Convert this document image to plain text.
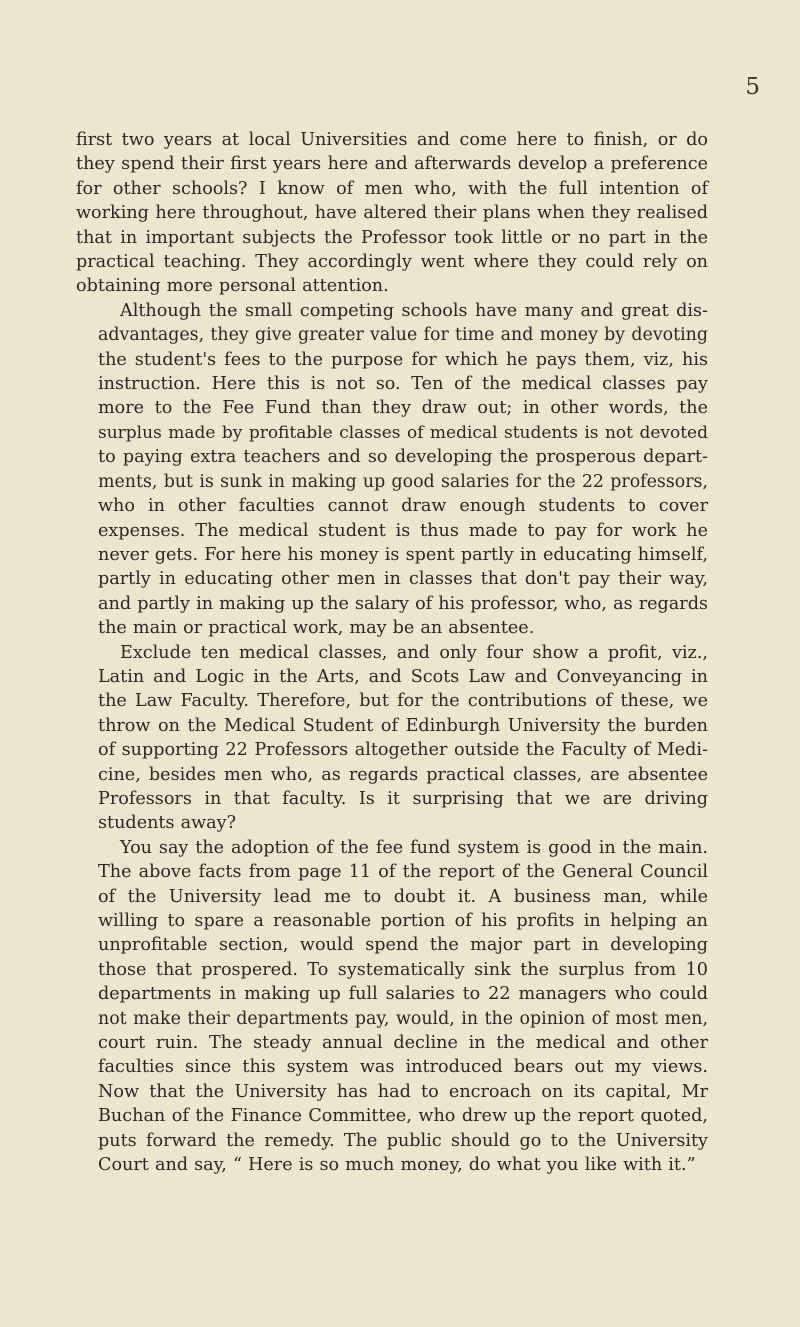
5
first two years at local Universities and come here to finish, or do
they spend their first years here and afterwards develop a preference
for other schools? I know of men who, with the full intention of
working here throughout, have altered their plans when they realised
that in important subjects the Professor took little or no part in the
practical teaching. They accordingly went where they could rely on
obtaining more personal attention.
Although the small competing schools have many and great dis-
advantages, they give greater value for time and money by devoting
the student's fees to the purpose for which he pays them, viz, his
instruction. Here this is not so. Ten of the medical classes pay
more to the Fee Fund than they draw out; in other words, the
surplus made by profitable classes of medical students is not devoted
to paying extra teachers and so developing the prosperous depart-
ments, but is sunk in making up good salaries for the 22 professors,
who in other faculties cannot draw enough students to cover
expenses. The medical student is thus made to pay for work he
never gets. For here his money is spent partly in educating himself,
partly in educating other men in classes that don't pay their way,
and partly in making up the salary of his professor, who, as regards
the main or practical work, may be an absentee.
Exclude ten medical classes, and only four show a profit, viz.,
Latin and Logic in the Arts, and Scots Law and Conveyancing in
the Law Faculty. Therefore, but for the contributions of these, we
throw on the Medical Student of Edinburgh University the burden
of supporting 22 Professors altogether outside the Faculty of Medi-
cine, besides men who, as regards practical classes, are absentee
Professors in that faculty. Is it surprising that we are driving
students away?
You say the adoption of the fee fund system is good in the main.
The above facts from page 11 of the report of the General Council
of the University lead me to doubt it. A business man, while
willing to spare a reasonable portion of his profits in helping an
unprofitable section, would spend the major part in developing
those that prospered. To systematically sink the surplus from 10
departments in making up full salaries to 22 managers who could
not make their departments pay, would, in the opinion of most men,
court ruin. The steady annual decline in the medical and other
faculties since this system was introduced bears out my views.
Now that the University has had to encroach on its capital, Mr
Buchan of the Finance Committee, who drew up the report quoted,
puts forward the remedy. The public should go to the University
Court and say, “ Here is so much money, do what you like with it.”
